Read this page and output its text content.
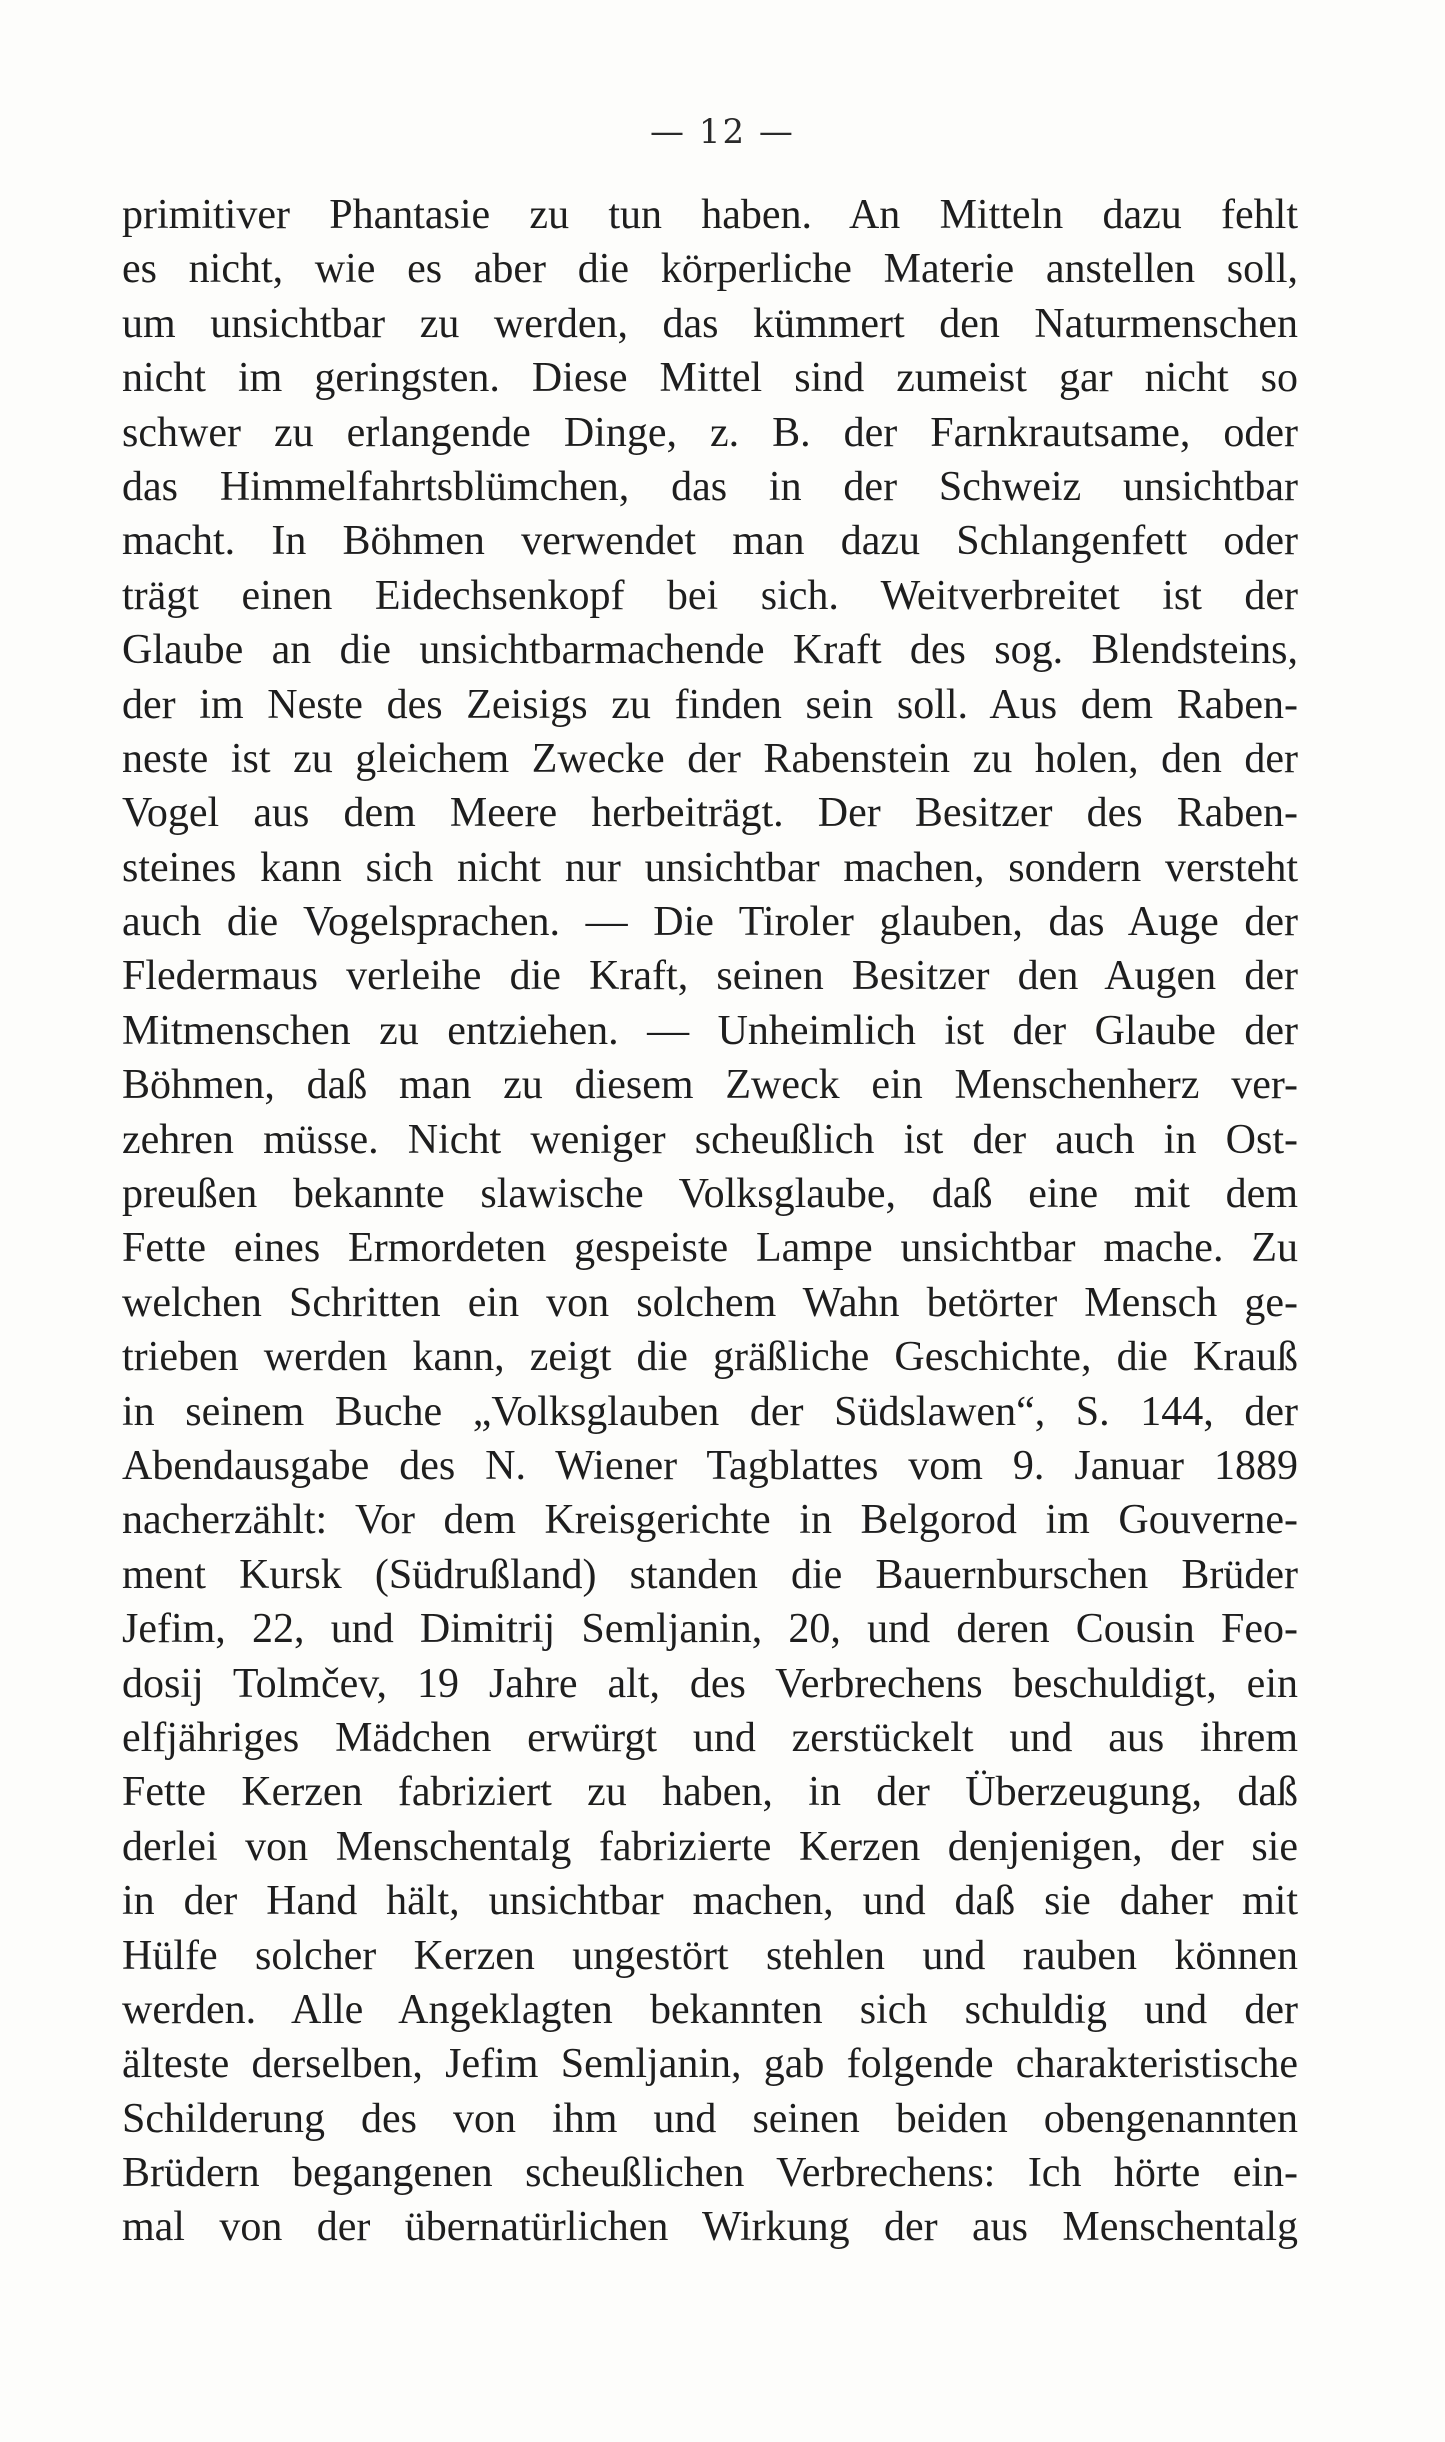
— 12 —
primitiver Phantasie zu tun haben. An Mitteln dazu fehlt
es nicht, wie es aber die körperliche Materie anstellen soll,
um unsichtbar zu werden, das kümmert den Naturmenschen
nicht im geringsten. Diese Mittel sind zumeist gar nicht so
schwer zu erlangende Dinge, z. B. der Farnkrautsame, oder
das Himmelfahrtsblümchen, das in der Schweiz unsichtbar
macht. In Böhmen verwendet man dazu Schlangenfett oder
trägt einen Eidechsenkopf bei sich. Weitverbreitet ist der
Glaube an die unsichtbarmachende Kraft des sog. Blendsteins,
der im Neste des Zeisigs zu finden sein soll. Aus dem Raben-
neste ist zu gleichem Zwecke der Rabenstein zu holen, den der
Vogel aus dem Meere herbeiträgt. Der Besitzer des Raben-
steines kann sich nicht nur unsichtbar machen, sondern versteht
auch die Vogelsprachen. — Die Tiroler glauben, das Auge der
Fledermaus verleihe die Kraft, seinen Besitzer den Augen der
Mitmenschen zu entziehen. — Unheimlich ist der Glaube der
Böhmen, daß man zu diesem Zweck ein Menschenherz ver-
zehren müsse. Nicht weniger scheußlich ist der auch in Ost-
preußen bekannte slawische Volksglaube, daß eine mit dem
Fette eines Ermordeten gespeiste Lampe unsichtbar mache. Zu
welchen Schritten ein von solchem Wahn betörter Mensch ge-
trieben werden kann, zeigt die gräßliche Geschichte, die Krauß
in seinem Buche „Volksglauben der Südslawen“, S. 144, der
Abendausgabe des N. Wiener Tagblattes vom 9. Januar 1889
nacherzählt: Vor dem Kreisgerichte in Belgorod im Gouverne-
ment Kursk (Südrußland) standen die Bauernburschen Brüder
Jefim, 22, und Dimitrij Semljanin, 20, und deren Cousin Feo-
dosij Tolmčev, 19 Jahre alt, des Verbrechens beschuldigt, ein
elfjähriges Mädchen erwürgt und zerstückelt und aus ihrem
Fette Kerzen fabriziert zu haben, in der Überzeugung, daß
derlei von Menschentalg fabrizierte Kerzen denjenigen, der sie
in der Hand hält, unsichtbar machen, und daß sie daher mit
Hülfe solcher Kerzen ungestört stehlen und rauben können
werden. Alle Angeklagten bekannten sich schuldig und der
älteste derselben, Jefim Semljanin, gab folgende charakteristische
Schilderung des von ihm und seinen beiden obengenannten
Brüdern begangenen scheußlichen Verbrechens: Ich hörte ein-
mal von der übernatürlichen Wirkung der aus Menschentalg
